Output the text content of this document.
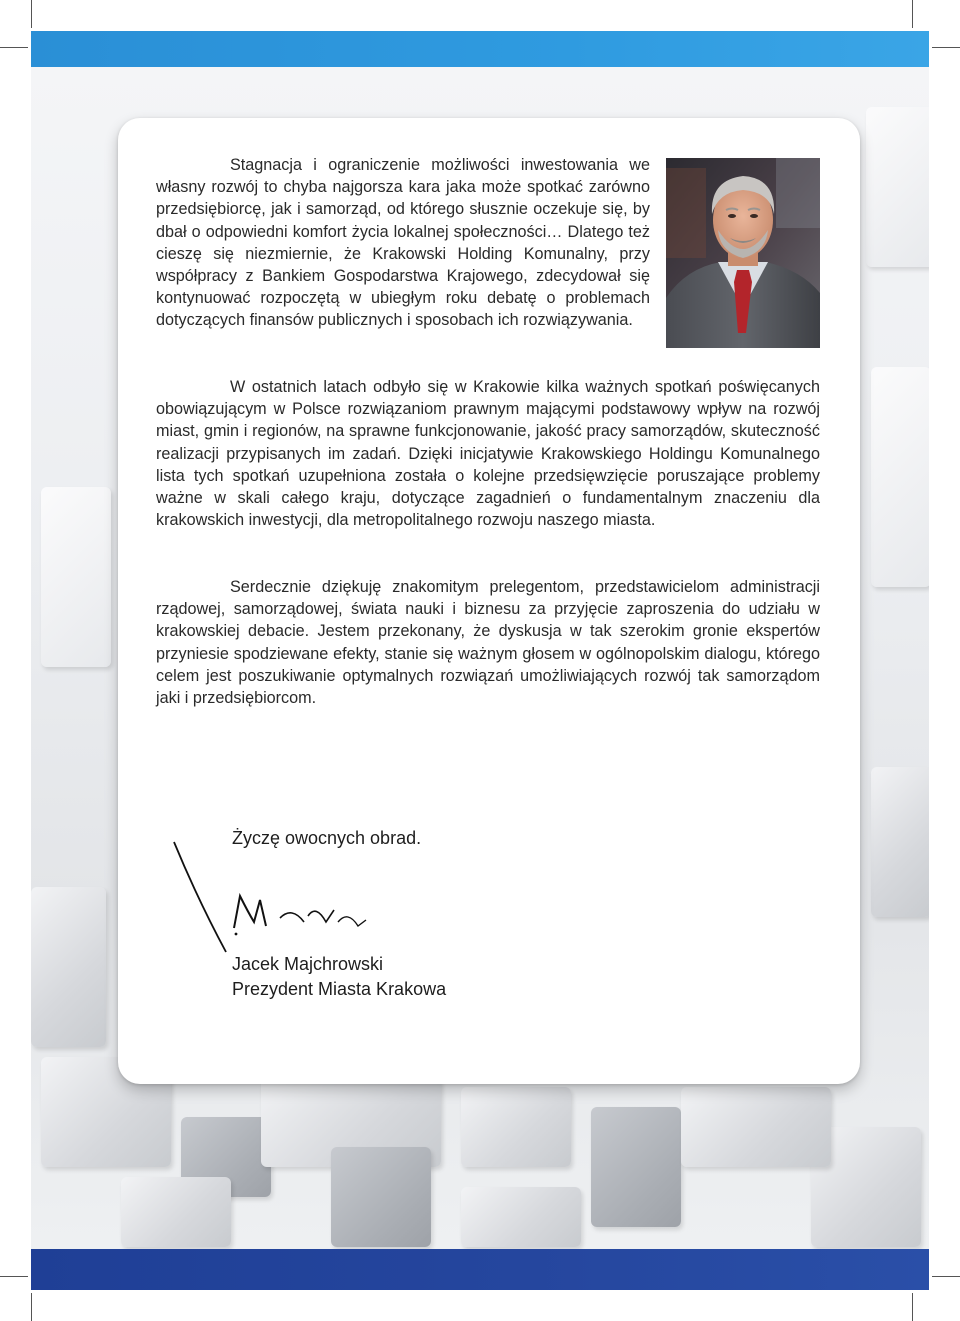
Stagnacja i ograniczenie możliwości inwestowania we własny rozwój to chyba najgorsza kara jaka może spotkać zarówno przedsiębiorcę, jak i samorząd, od którego słusznie oczekuje się, by dbał o odpowiedni komfort życia lokalnej społeczności… Dlatego też cieszę się niezmiernie, że Krakowski Holding Komunalny, przy współpracy z Bankiem Gospodarstwa Krajowego, zdecydował się kontynuować rozpoczętą w ubiegłym roku debatę o problemach dotyczących finansów publicznych i sposobach ich rozwiązywania.

W ostatnich latach odbyło się w Krakowie kilka ważnych spotkań poświęcanych obowiązującym w Polsce rozwiązaniom prawnym mającymi podstawowy wpływ na rozwój miast, gmin i regionów, na sprawne funkcjonowanie, jakość pracy samorządów, skuteczność realizacji przypisanych im zadań. Dzięki inicjatywie Krakowskiego Holdingu Komunalnego lista tych spotkań uzupełniona została o kolejne przedsięwzięcie poruszające problemy ważne w skali całego kraju, dotyczące zagadnień o fundamentalnym znaczeniu dla krakowskich inwestycji, dla metropolitalnego rozwoju naszego miasta.

Serdecznie dziękuję znakomitym prelegentom, przedstawicielom administracji rządowej, samorządowej, świata nauki i biznesu za przyjęcie zaproszenia do udziału w krakowskiej debacie. Jestem przekonany, że dyskusja w tak szerokim gronie ekspertów przyniesie spodziewane efekty, stanie się ważnym głosem w ogólnopolskim dialogu, którego celem jest poszukiwanie optymalnych rozwiązań umożliwiających rozwój tak samorządom jaki i przedsiębiorcom.

Życzę owocnych obrad.
Jacek Majchrowski
Prezydent Miasta Krakowa
